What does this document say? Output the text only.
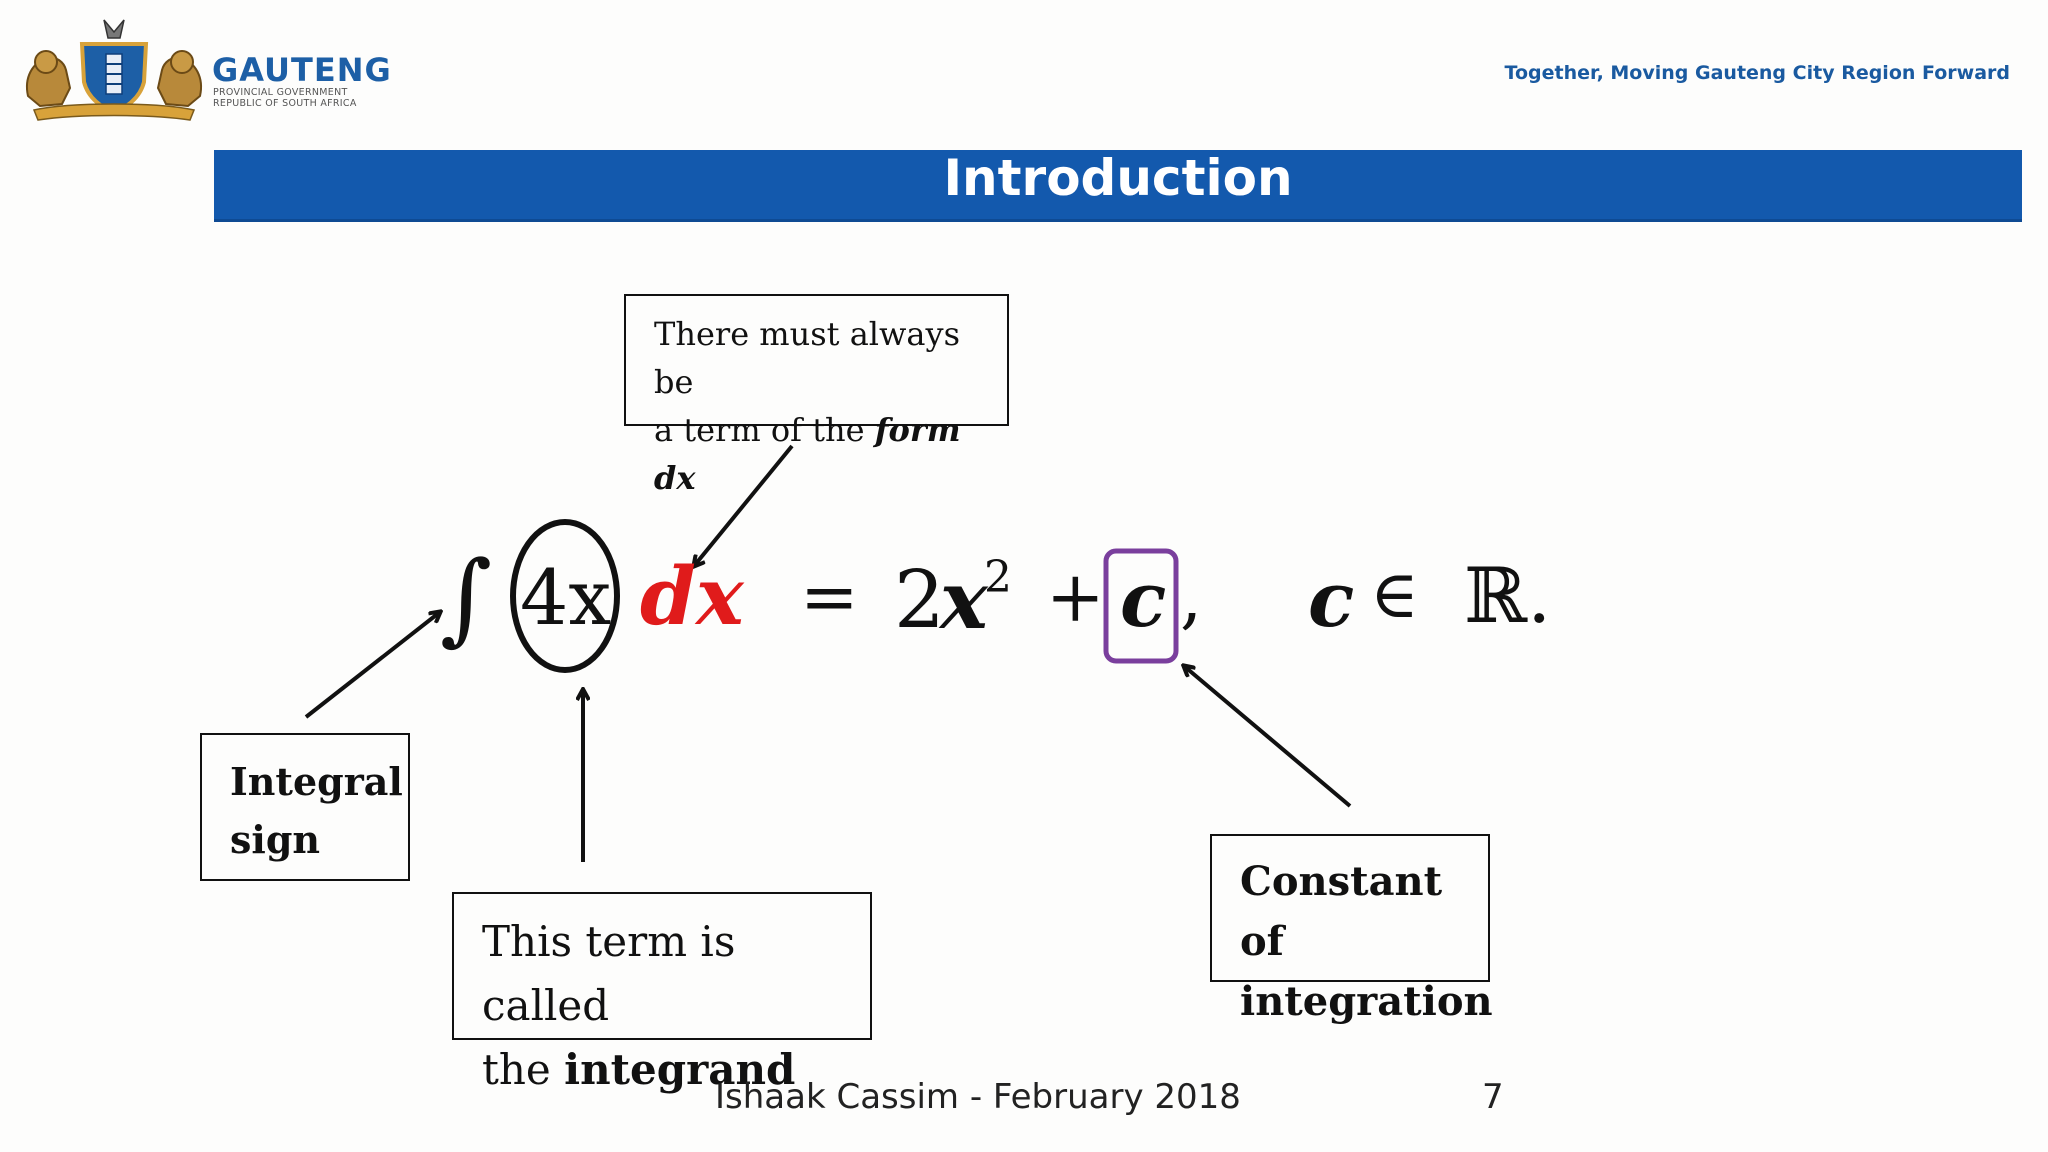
GAUTENG
PROVINCIAL GOVERNMENT
REPUBLIC OF SOUTH AFRICA
Together, Moving Gauteng City Region Forward
Introduction
∫ 4x dx = 2
x
2 + c , c ∈ ℝ.
There must always be
a term of the form dx
Integral
sign
This term is called
the integrand
Constant of
integration
Ishaak Cassim - February 2018	7
